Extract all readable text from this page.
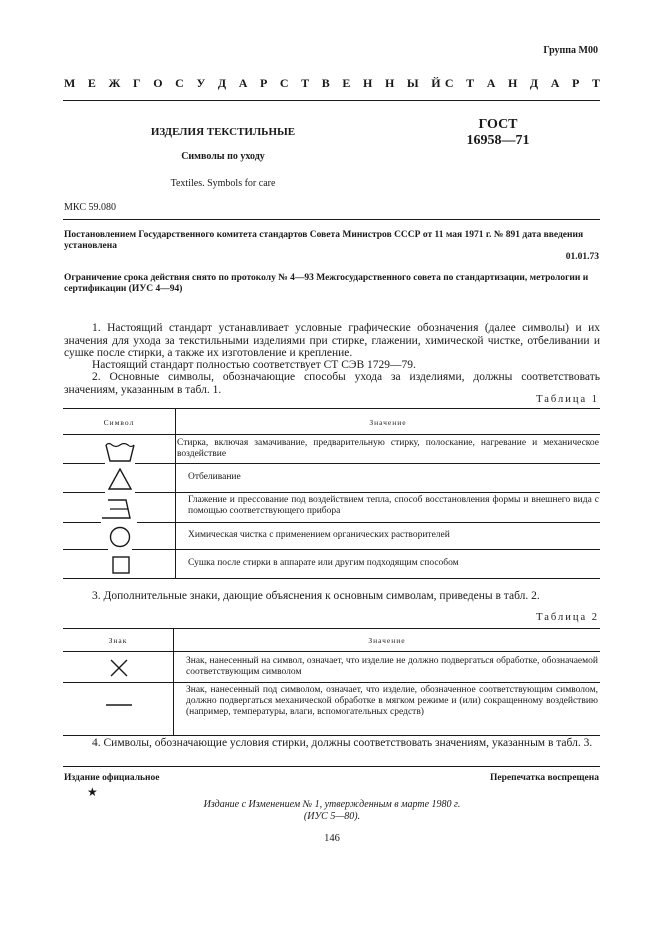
Группа М00
М Е Ж Г О С У Д А Р С Т В Е Н Н Ы Й С Т А Н Д А Р Т
ИЗДЕЛИЯ ТЕКСТИЛЬНЫЕ
Символы по уходу
Textiles. Symbols for care
ГОСТ
16958—71
МКС 59.080
Постановлением Государственного комитета стандартов Совета Министров СССР от 11 мая 1971 г. № 891 дата введения установлена
01.01.73
Ограничение срока действия снято по протоколу № 4—93 Межгосударственного совета по стандартизации, метрологии и сертификации (ИУС 4—94)
1. Настоящий стандарт устанавливает условные графические обозначения (далее символы) и их значения для ухода за текстильными изделиями при стирке, глажении, химической чистке, отбеливании и сушке после стирки, а также их изготовление и крепление.
Настоящий стандарт полностью соответствует СТ СЭВ 1729—79.
2. Основные символы, обозначающие способы ухода за изделиями, должны соответствовать значениям, указанным в табл. 1.
Таблица 1
Символ	Значение
Стирка, включая замачивание, предварительную стирку, полоскание, нагревание и механическое воздействие
Отбеливание
Глажение и прессование под воздействием тепла, способ восстановления формы и внешнего вида с помощью соответствующего прибора
Химическая чистка с применением органических растворителей
Сушка после стирки в аппарате или другим подходящим способом
3. Дополнительные знаки, дающие объяснения к основным символам, приведены в табл. 2.
Таблица 2
Знак	Значение
Знак, нанесенный на символ, означает, что изделие не должно подвергаться обработке, обозначаемой соответствующим символом
Знак, нанесенный под символом, означает, что изделие, обозначенное соответствующим символом, должно подвергаться механической обработке в мягком режиме и (или) сокращенному воздействию (например, температуры, влаги, вспомогательных средств)
4. Символы, обозначающие условия стирки, должны соответствовать значениям, указанным в табл. 3.
Издание официальное	Перепечатка воспрещена
★
Издание с Изменением № 1, утвержденным в марте 1980 г.
(ИУС 5—80).
146
